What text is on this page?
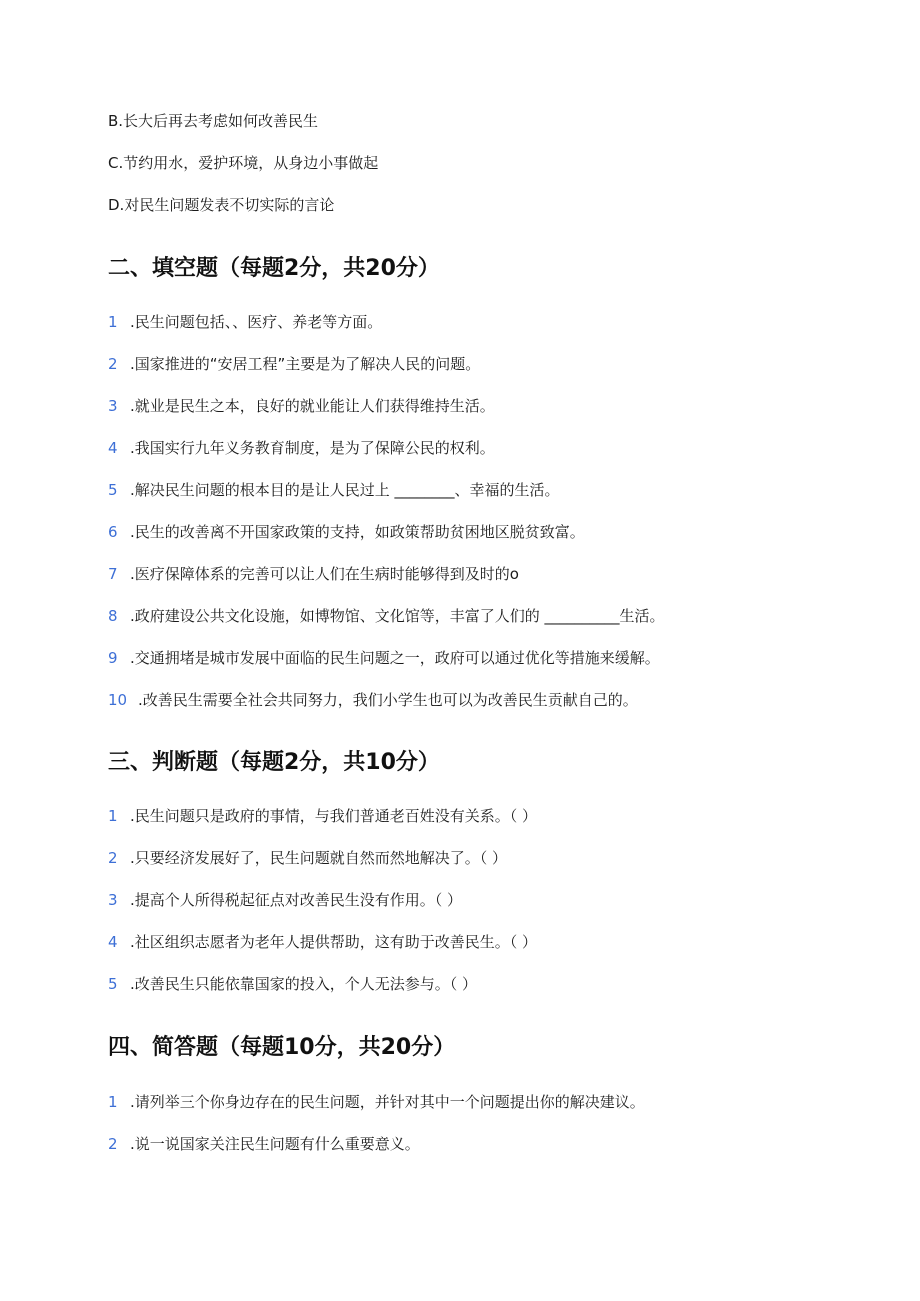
B.长大后再去考虑如何改善民生
C.节约用水，爱护环境，从身边小事做起
D.对民生问题发表不切实际的言论
二、填空题（每题2分，共20分）
1 .民生问题包括、、医疗、养老等方面。
2 .国家推进的“安居工程”主要是为了解决人民的问题。
3 .就业是民生之本，良好的就业能让人们获得维持生活。
4 .我国实行九年义务教育制度，是为了保障公民的权利。
5 .解决民生问题的根本目的是让人民过上 ________、幸福的生活。
6 .民生的改善离不开国家政策的支持，如政策帮助贫困地区脱贫致富。
7 .医疗保障体系的完善可以让人们在生病时能够得到及时的o
8 .政府建设公共文化设施，如博物馆、文化馆等，丰富了人们的 __________生活。
9 .交通拥堵是城市发展中面临的民生问题之一，政府可以通过优化等措施来缓解。
10 .改善民生需要全社会共同努力，我们小学生也可以为改善民生贡献自己的。
三、判断题（每题2分，共10分）
1 .民生问题只是政府的事情，与我们普通老百姓没有关系。（ ）
2 .只要经济发展好了，民生问题就自然而然地解决了。（ ）
3 .提高个人所得税起征点对改善民生没有作用。（ ）
4 .社区组织志愿者为老年人提供帮助，这有助于改善民生。（ ）
5 .改善民生只能依靠国家的投入，个人无法参与。（ ）
四、简答题（每题10分，共20分）
1 .请列举三个你身边存在的民生问题，并针对其中一个问题提出你的解决建议。
2 .说一说国家关注民生问题有什么重要意义。
